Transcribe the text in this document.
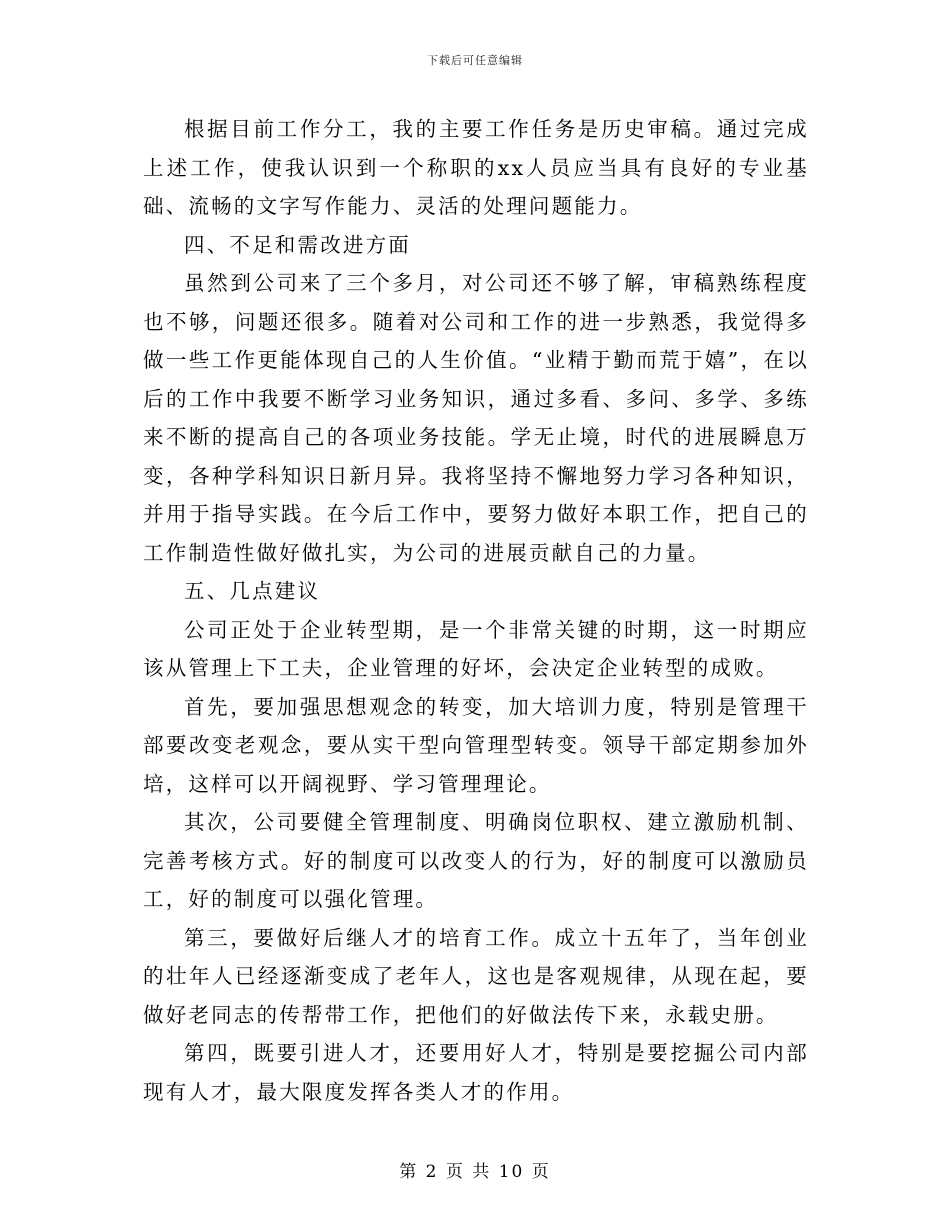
下载后可任意编辑

根据目前工作分工，我的主要工作任务是历史审稿。通过完成上述工作，使我认识到一个称职的xx人员应当具有良好的专业基础、流畅的文字写作能力、灵活的处理问题能力。

四、不足和需改进方面

虽然到公司来了三个多月，对公司还不够了解，审稿熟练程度也不够，问题还很多。随着对公司和工作的进一步熟悉，我觉得多做一些工作更能体现自己的人生价值。“业精于勤而荒于嬉”，在以后的工作中我要不断学习业务知识，通过多看、多问、多学、多练来不断的提高自己的各项业务技能。学无止境，时代的进展瞬息万变，各种学科知识日新月异。我将坚持不懈地努力学习各种知识，并用于指导实践。在今后工作中，要努力做好本职工作，把自己的工作制造性做好做扎实，为公司的进展贡献自己的力量。

五、几点建议

公司正处于企业转型期，是一个非常关键的时期，这一时期应该从管理上下工夫，企业管理的好坏，会决定企业转型的成败。

首先，要加强思想观念的转变，加大培训力度，特别是管理干部要改变老观念，要从实干型向管理型转变。领导干部定期参加外培，这样可以开阔视野、学习管理理论。

其次，公司要健全管理制度、明确岗位职权、建立激励机制、完善考核方式。好的制度可以改变人的行为，好的制度可以激励员工，好的制度可以强化管理。

第三，要做好后继人才的培育工作。成立十五年了，当年创业的壮年人已经逐渐变成了老年人，这也是客观规律，从现在起，要做好老同志的传帮带工作，把他们的好做法传下来，永载史册。

第四，既要引进人才，还要用好人才，特别是要挖掘公司内部现有人才，最大限度发挥各类人才的作用。

第 2 页 共 10 页
